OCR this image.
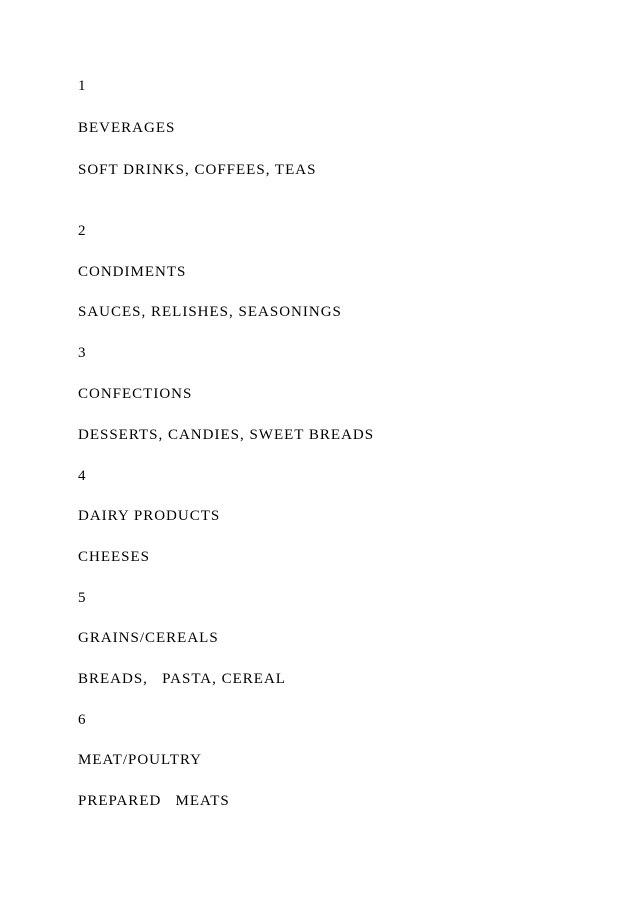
1
BEVERAGES
SOFT DRINKS, COFFEES, TEAS
2
CONDIMENTS
SAUCES, RELISHES, SEASONINGS
3
CONFECTIONS
DESSERTS, CANDIES, SWEET BREADS
4
DAIRY PRODUCTS
CHEESES
5
GRAINS/CEREALS
BREADS,   PASTA, CEREAL
6
MEAT/POULTRY
PREPARED   MEATS
